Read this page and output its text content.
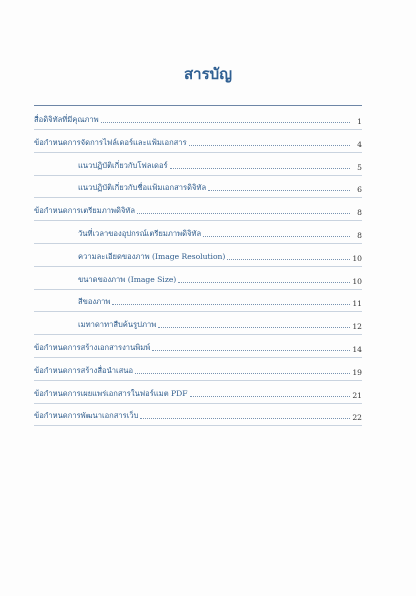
สารบัญ
สื่อดิจิทัลที่มีคุณภาพ	1
ข้อกำหนดการจัดการไฟล์เดอร์และแฟ้มเอกสาร	4
แนวปฏิบัติเกี่ยวกับโฟลเดอร์	5
แนวปฏิบัติเกี่ยวกับชื่อแฟ้มเอกสารดิจิทัล	6
ข้อกำหนดการเตรียมภาพดิจิทัล	8
วันที่เวลาของอุปกรณ์เตรียมภาพดิจิทัล	8
ความละเอียดของภาพ (Image Resolution)	10
ขนาดของภาพ (Image Size)	10
สีของภาพ	11
เมทาดาทาสืบค้นรูปภาพ	12
ข้อกำหนดการสร้างเอกสารงานพิมพ์	14
ข้อกำหนดการสร้างสื่อนำเสนอ	19
ข้อกำหนดการเผยแพร่เอกสารในฟอร์แมต PDF	21
ข้อกำหนดการพัฒนาเอกสารเว็บ	22
